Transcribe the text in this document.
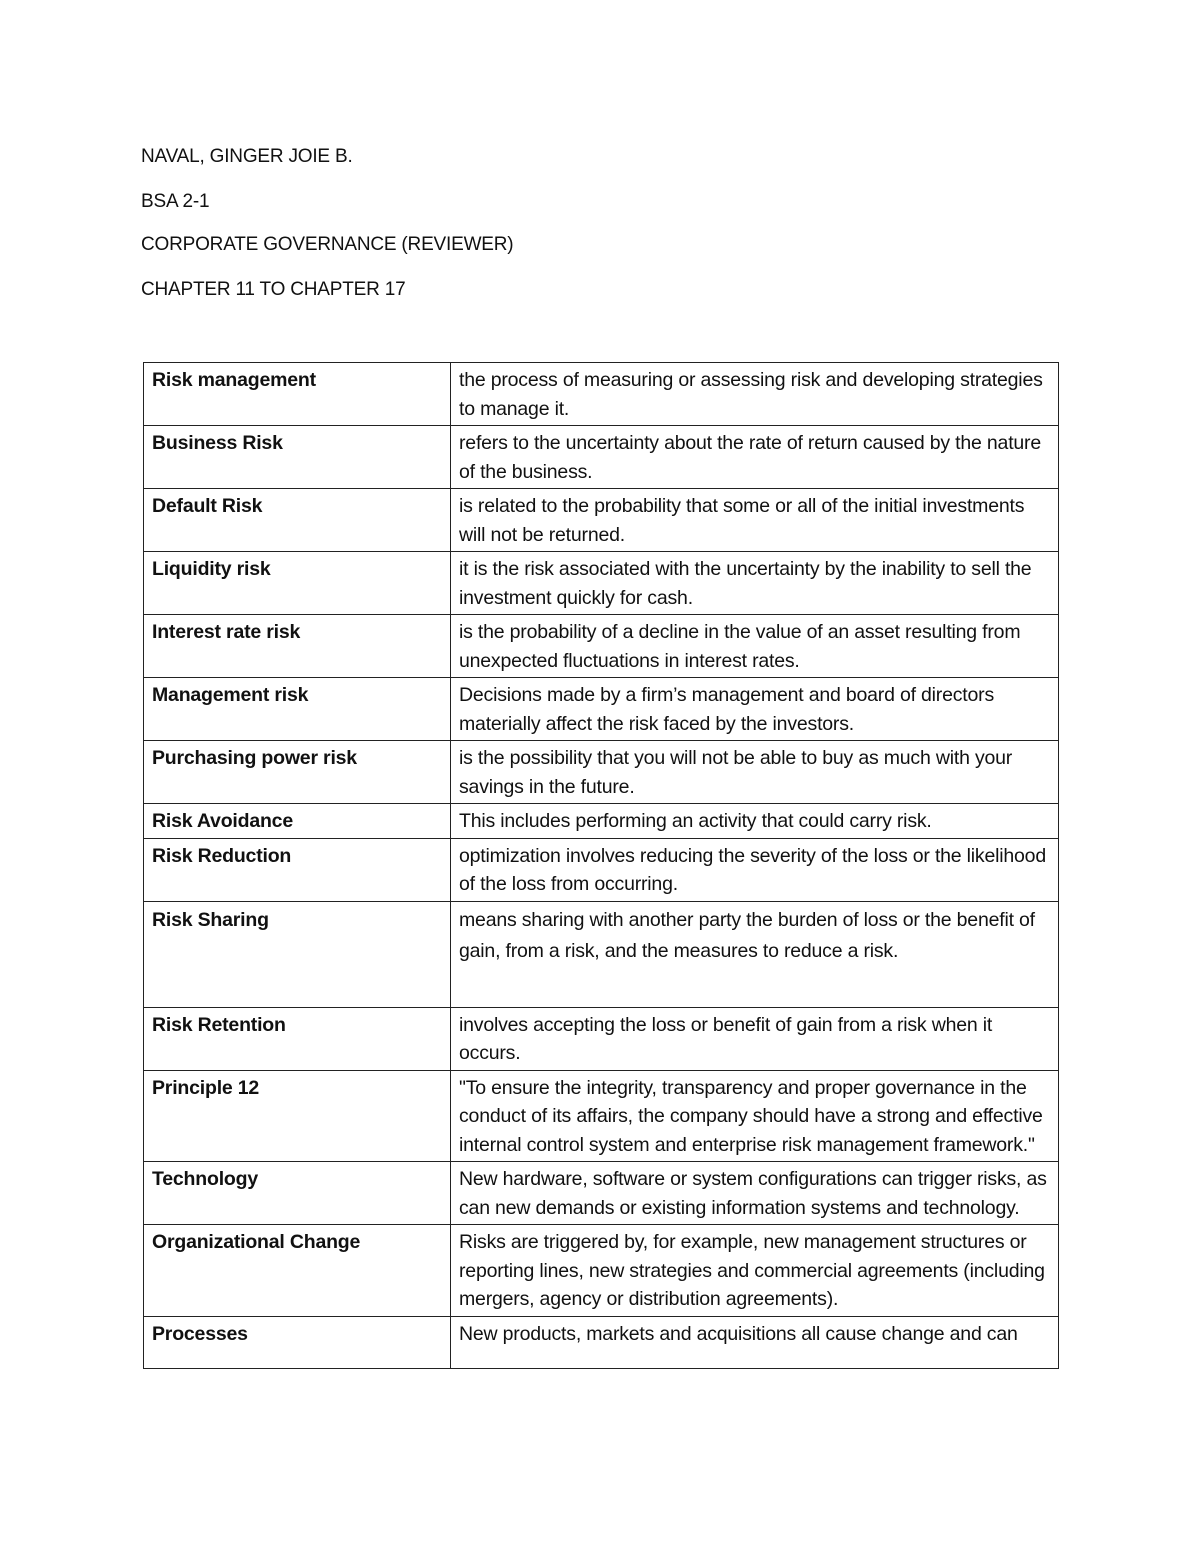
NAVAL, GINGER JOIE B.
BSA 2-1
CORPORATE GOVERNANCE (REVIEWER)
CHAPTER 11 TO CHAPTER 17
Risk management	the process of measuring or assessing risk and developing strategies to manage it.
Business Risk	refers to the uncertainty about the rate of return caused by the nature of the business.
Default Risk	is related to the probability that some or all of the initial investments will not be returned.
Liquidity risk	it is the risk associated with the uncertainty by the inability to sell the investment quickly for cash.
Interest rate risk	is the probability of a decline in the value of an asset resulting from unexpected fluctuations in interest rates.
Management risk	Decisions made by a firm’s management and board of directors materially affect the risk faced by the investors.
Purchasing power risk	is the possibility that you will not be able to buy as much with your savings in the future.
Risk Avoidance	This includes performing an activity that could carry risk.
Risk Reduction	optimization involves reducing the severity of the loss or the likelihood of the loss from occurring.
Risk Sharing	means sharing with another party the burden of loss or the benefit of gain, from a risk, and the measures to reduce a risk.
Risk Retention	involves accepting the loss or benefit of gain from a risk when it occurs.
Principle 12	"To ensure the integrity, transparency and proper governance in the conduct of its affairs, the company should have a strong and effective internal control system and enterprise risk management framework."
Technology	New hardware, software or system configurations can trigger risks, as can new demands or existing information systems and technology.
Organizational Change	Risks are triggered by, for example, new management structures or reporting lines, new strategies and commercial agreements (including mergers, agency or distribution agreements).
Processes	New products, markets and acquisitions all cause change and can
